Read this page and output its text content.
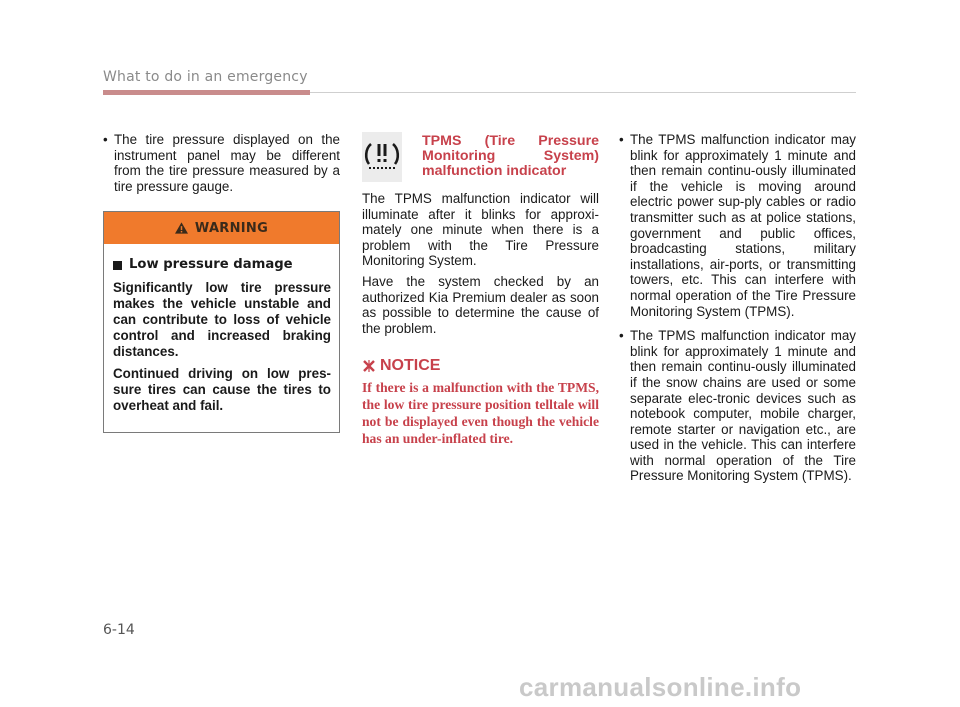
What to do in an emergency
• The tire pressure displayed on the instrument panel may be different from the tire pressure measured by a tire pressure gauge.
WARNING
Low pressure damage

Significantly low tire pressure makes the vehicle unstable and can contribute to loss of vehicle control and increased braking distances.

Continued driving on low pres-sure tires can cause the tires to overheat and fail.

TPMS (Tire Pressure Monitoring System) malfunction indicator

The TPMS malfunction indicator will illuminate after it blinks for approxi-mately one minute when there is a problem with the Tire Pressure Monitoring System.

Have the system checked by an authorized Kia Premium dealer as soon as possible to determine the cause of the problem.

NOTICE
If there is a malfunction with the TPMS, the low tire pressure position telltale will not be displayed even though the vehicle has an under-inflated tire.
• The TPMS malfunction indicator may blink for approximately 1 minute and then remain continu-ously illuminated if the vehicle is moving around electric power sup-ply cables or radio transmitter such as at police stations, government and public offices, broadcasting stations, military installations, air-ports, or transmitting towers, etc. This can interfere with normal operation of the Tire Pressure Monitoring System (TPMS).
• The TPMS malfunction indicator may blink for approximately 1 minute and then remain continu-ously illuminated if the snow chains are used or some separate elec-tronic devices such as notebook computer, mobile charger, remote starter or navigation etc., are used in the vehicle. This can interfere with normal operation of the Tire Pressure Monitoring System (TPMS).
6-14
carmanualsonline.info
